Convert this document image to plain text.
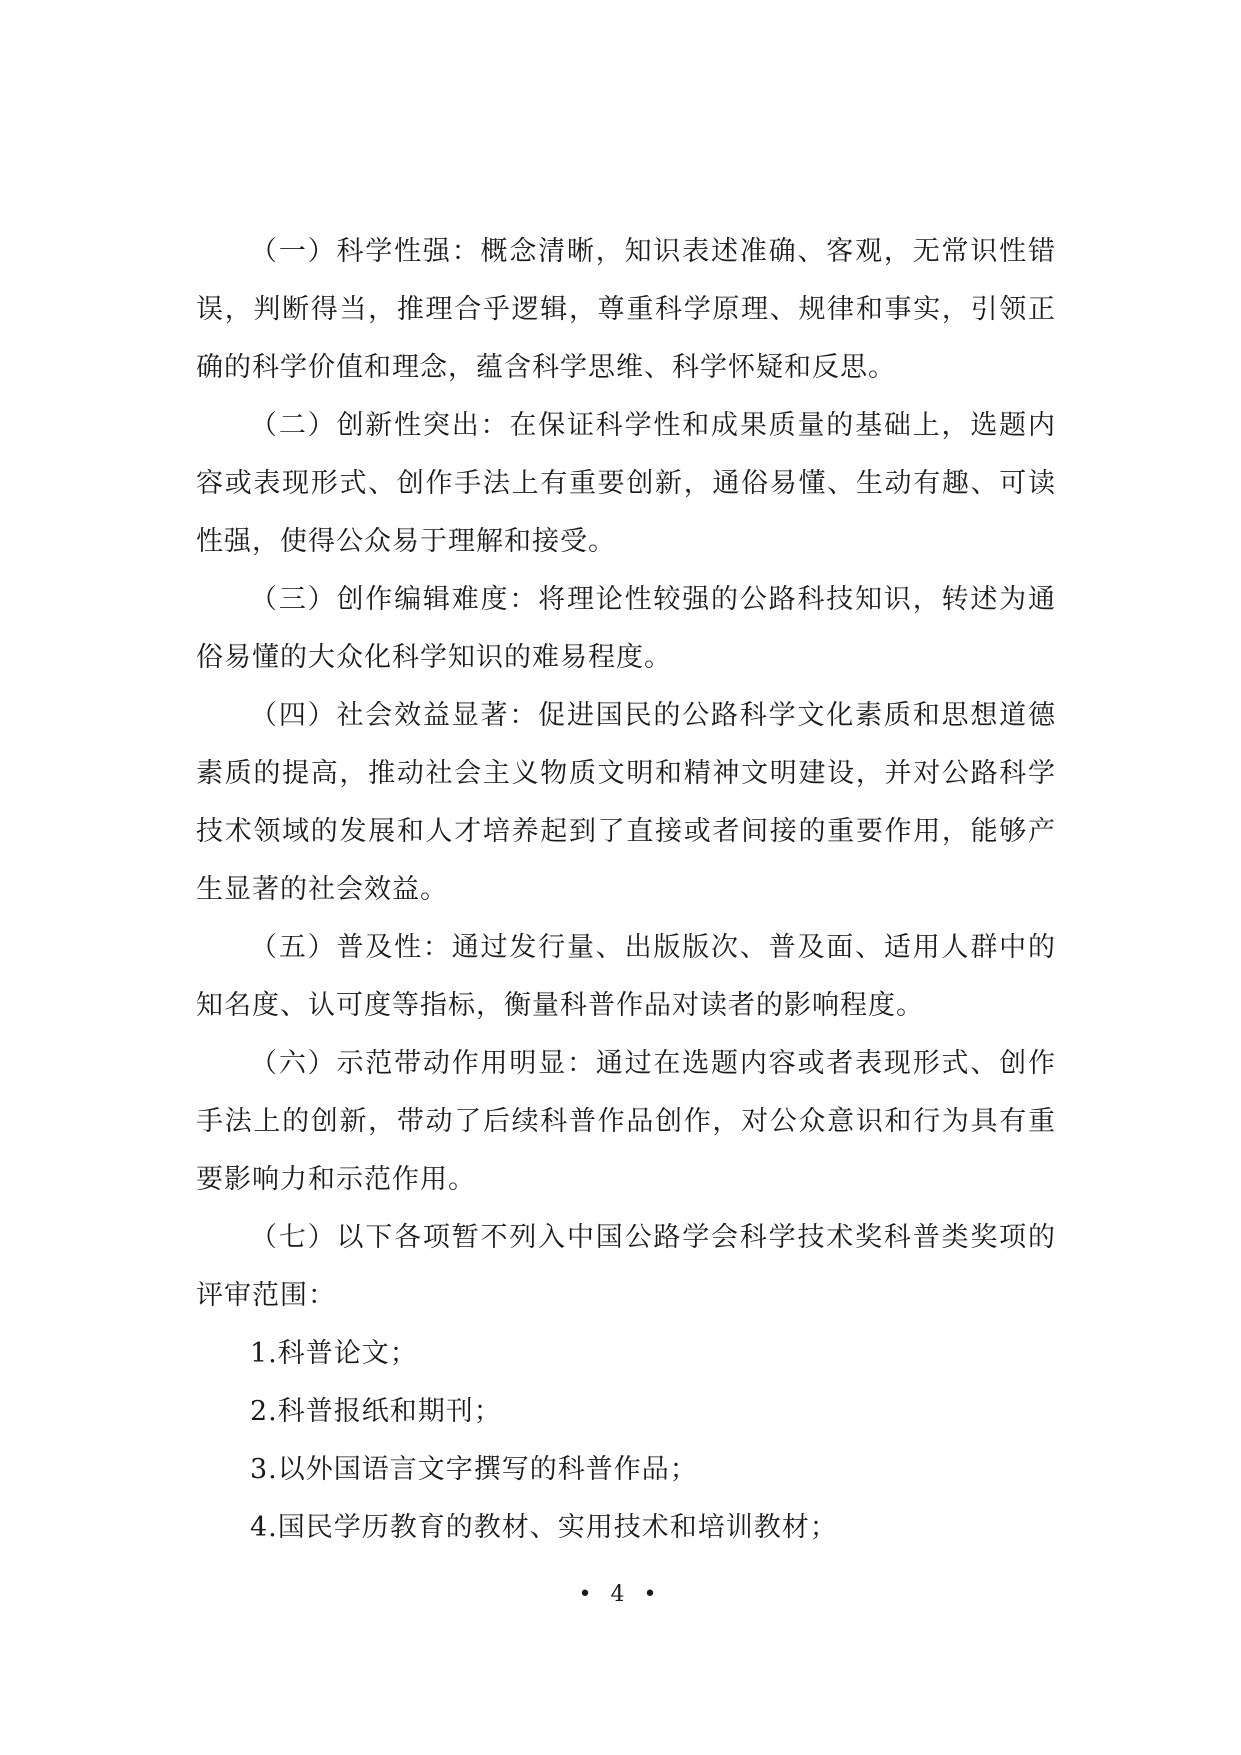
（一）科学性强：概念清晰，知识表述准确、客观，无常识性错误，判断得当，推理合乎逻辑，尊重科学原理、规律和事实，引领正确的科学价值和理念，蕴含科学思维、科学怀疑和反思。

（二）创新性突出：在保证科学性和成果质量的基础上，选题内容或表现形式、创作手法上有重要创新，通俗易懂、生动有趣、可读性强，使得公众易于理解和接受。

（三）创作编辑难度：将理论性较强的公路科技知识，转述为通俗易懂的大众化科学知识的难易程度。

（四）社会效益显著：促进国民的公路科学文化素质和思想道德素质的提高，推动社会主义物质文明和精神文明建设，并对公路科学技术领域的发展和人才培养起到了直接或者间接的重要作用，能够产生显著的社会效益。

（五）普及性：通过发行量、出版版次、普及面、适用人群中的知名度、认可度等指标，衡量科普作品对读者的影响程度。

（六）示范带动作用明显：通过在选题内容或者表现形式、创作手法上的创新，带动了后续科普作品创作，对公众意识和行为具有重要影响力和示范作用。

（七）以下各项暂不列入中国公路学会科学技术奖科普类奖项的评审范围：

1.科普论文；

2.科普报纸和期刊；

3.以外国语言文字撰写的科普作品；

4.国民学历教育的教材、实用技术和培训教材；

• 4 •
